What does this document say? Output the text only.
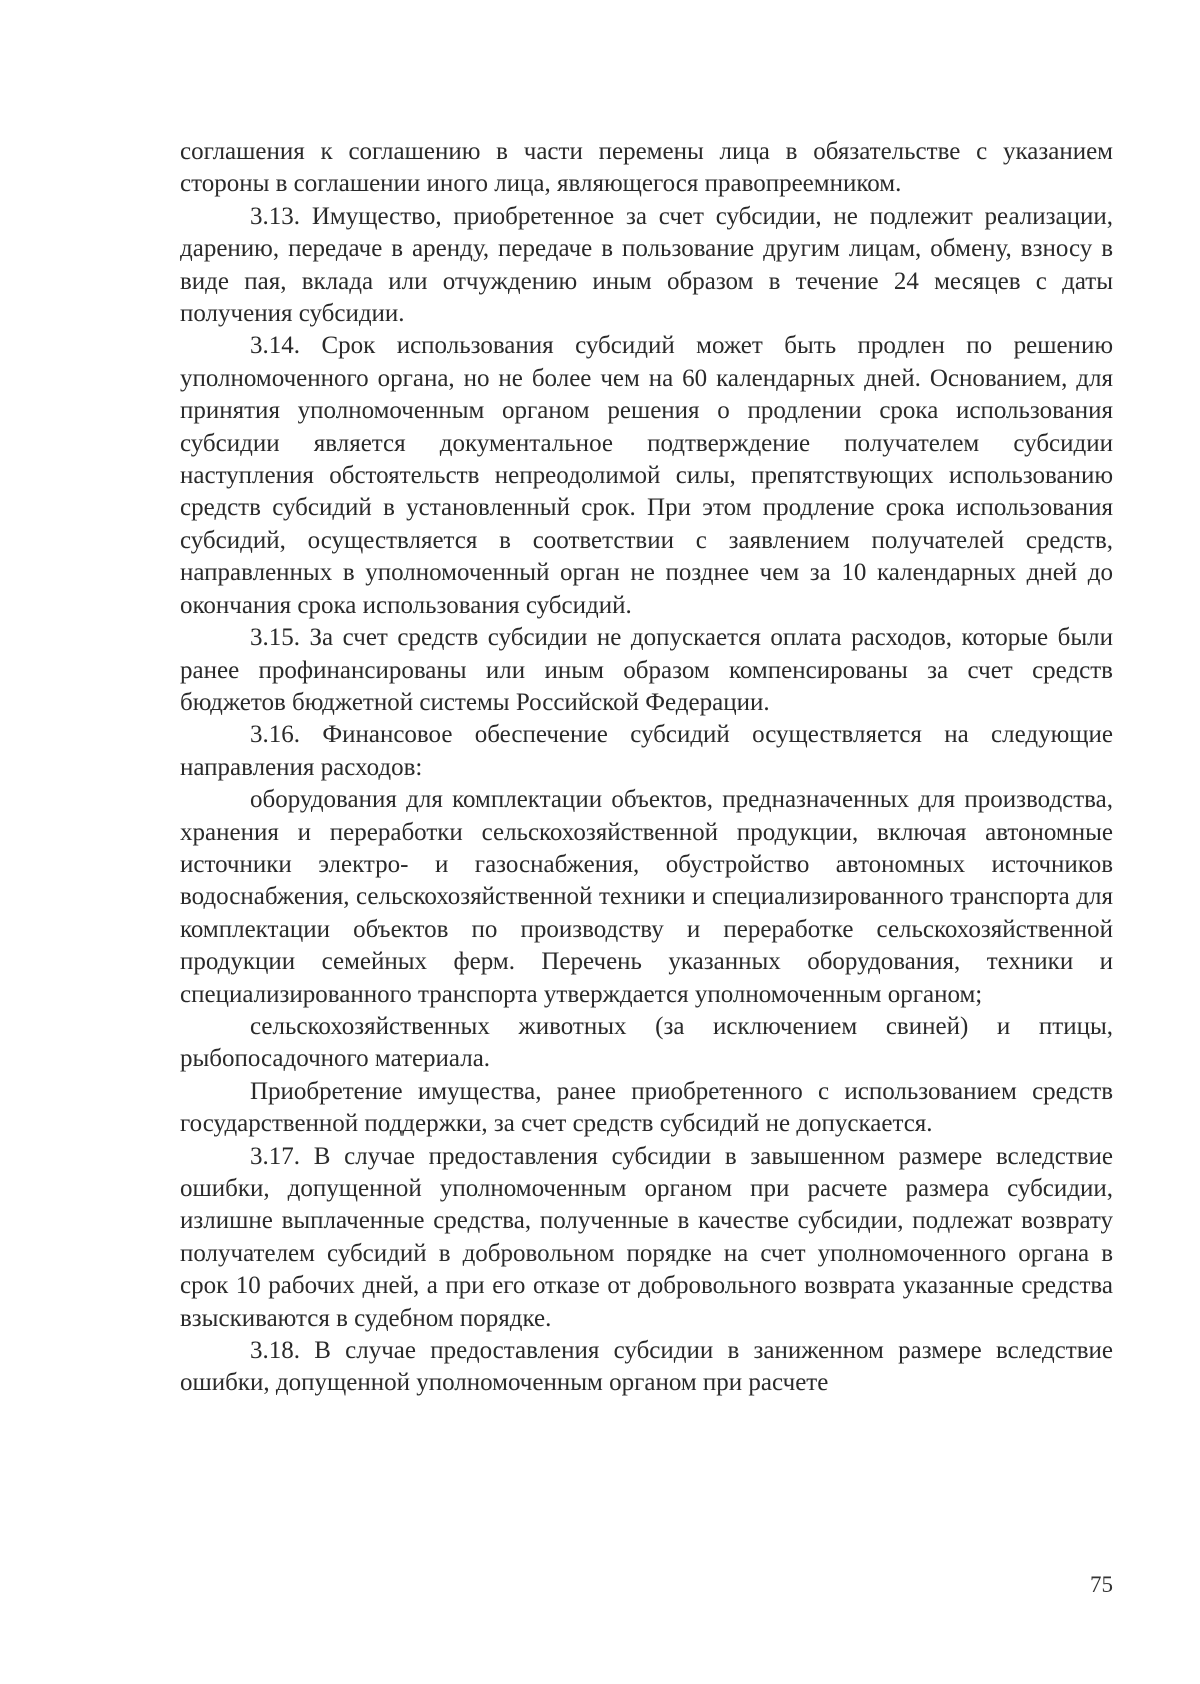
соглашения к соглашению в части перемены лица в обязательстве с указанием стороны в соглашении иного лица, являющегося правопреемником.

3.13. Имущество, приобретенное за счет субсидии, не подлежит реализации, дарению, передаче в аренду, передаче в пользование другим лицам, обмену, взносу в виде пая, вклада или отчуждению иным образом в течение 24 месяцев с даты получения субсидии.

3.14. Срок использования субсидий может быть продлен по решению уполномоченного органа, но не более чем на 60 календарных дней. Основанием, для принятия уполномоченным органом решения о продлении срока использования субсидии является документальное подтверждение получателем субсидии наступления обстоятельств непреодолимой силы, препятствующих использованию средств субсидий в установленный срок. При этом продление срока использования субсидий, осуществляется в соответствии с заявлением получателей средств, направленных в уполномоченный орган не позднее чем за 10 календарных дней до окончания срока использования субсидий.

3.15. За счет средств субсидии не допускается оплата расходов, которые были ранее профинансированы или иным образом компенсированы за счет средств бюджетов бюджетной системы Российской Федерации.

3.16. Финансовое обеспечение субсидий осуществляется на следующие направления расходов:

оборудования для комплектации объектов, предназначенных для производства, хранения и переработки сельскохозяйственной продукции, включая автономные источники электро- и газоснабжения, обустройство автономных источников водоснабжения, сельскохозяйственной техники и специализированного транспорта для комплектации объектов по производству и переработке сельскохозяйственной продукции семейных ферм. Перечень указанных оборудования, техники и специализированного транспорта утверждается уполномоченным органом;

сельскохозяйственных животных (за исключением свиней) и птицы, рыбопосадочного материала.

Приобретение имущества, ранее приобретенного с использованием средств государственной поддержки, за счет средств субсидий не допускается.

3.17. В случае предоставления субсидии в завышенном размере вследствие ошибки, допущенной уполномоченным органом при расчете размера субсидии, излишне выплаченные средства, полученные в качестве субсидии, подлежат возврату получателем субсидий в добровольном порядке на счет уполномоченного органа в срок 10 рабочих дней, а при его отказе от добровольного возврата указанные средства взыскиваются в судебном порядке.

3.18. В случае предоставления субсидии в заниженном размере вследствие ошибки, допущенной уполномоченным органом при расчете

75
